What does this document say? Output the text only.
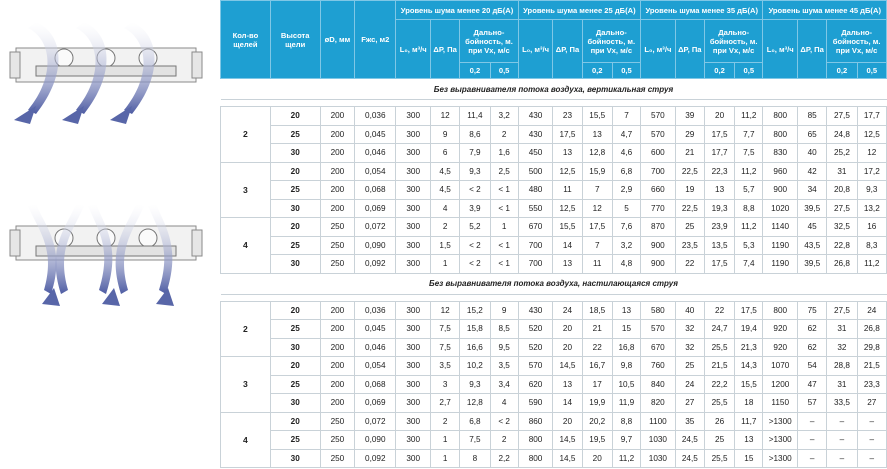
Кол-во щелей	Высота щели	øD, мм	Fжс, м2	Уровень шума менее 20 дБ(А)				Уровень шума менее 25 дБ(А)				Уровень шума менее 35 дБ(А)				Уровень шума менее 45 дБ(А)			
				L₀, м³/ч	ΔP, Па	Дально-бойность, м. при Vx, м/с		L₀, м³/ч	ΔP, Па	Дально-бойность, м. при Vx, м/с		L₀, м³/ч	ΔP, Па	Дально-бойность, м. при Vx, м/с		L₀, м³/ч	ΔP, Па	Дально-бойность, м. при Vx, м/с	
						0,2	0,5			0,2	0,5			0,2	0,5			0,2	0,5
Без выравнивателя потока воздуха, вертикальная струя																			

2	20	200	0,036	300	12	11,4	3,2	430	23	15,5	7	570	39	20	11,2	800	85	27,5	17,7
	25	200	0,045	300	9	8,6	2	430	17,5	13	4,7	570	29	17,5	7,7	800	65	24,8	12,5
	30	200	0,046	300	6	7,9	1,6	450	13	12,8	4,6	600	21	17,7	7,5	830	40	25,2	12
3	20	200	0,054	300	4,5	9,3	2,5	500	12,5	15,9	6,8	700	22,5	22,3	11,2	960	42	31	17,2
	25	200	0,068	300	4,5	< 2	< 1	480	11	7	2,9	660	19	13	5,7	900	34	20,8	9,3
	30	200	0,069	300	4	3,9	< 1	550	12,5	12	5	770	22,5	19,3	8,8	1020	39,5	27,5	13,2
4	20	250	0,072	300	2	5,2	1	670	15,5	17,5	7,6	870	25	23,9	11,2	1140	45	32,5	16
	25	250	0,090	300	1,5	< 2	< 1	700	14	7	3,2	900	23,5	13,5	5,3	1190	43,5	22,8	8,3
	30	250	0,092	300	1	< 2	< 1	700	13	11	4,8	900	22	17,5	7,4	1190	39,5	26,8	11,2
Без выравнивателя потока воздуха, настилающаяся струя																			

2	20	200	0,036	300	12	15,2	9	430	24	18,5	13	580	40	22	17,5	800	75	27,5	24
	25	200	0,045	300	7,5	15,8	8,5	520	20	21	15	570	32	24,7	19,4	920	62	31	26,8
	30	200	0,046	300	7,5	16,6	9,5	520	20	22	16,8	670	32	25,5	21,3	920	62	32	29,8
3	20	200	0,054	300	3,5	10,2	3,5	570	14,5	16,7	9,8	760	25	21,5	14,3	1070	54	28,8	21,5
	25	200	0,068	300	3	9,3	3,4	620	13	17	10,5	840	24	22,2	15,5	1200	47	31	23,3
	30	200	0,069	300	2,7	12,8	4	590	14	19,9	11,9	820	27	25,5	18	1150	57	33,5	27
4	20	250	0,072	300	2	6,8	< 2	860	20	20,2	8,8	1100	35	26	11,7	>1300	–	–	–
	25	250	0,090	300	1	7,5	2	800	14,5	19,5	9,7	1030	24,5	25	13	>1300	–	–	–
	30	250	0,092	300	1	8	2,2	800	14,5	20	11,2	1030	24,5	25,5	15	>1300	–	–	–
